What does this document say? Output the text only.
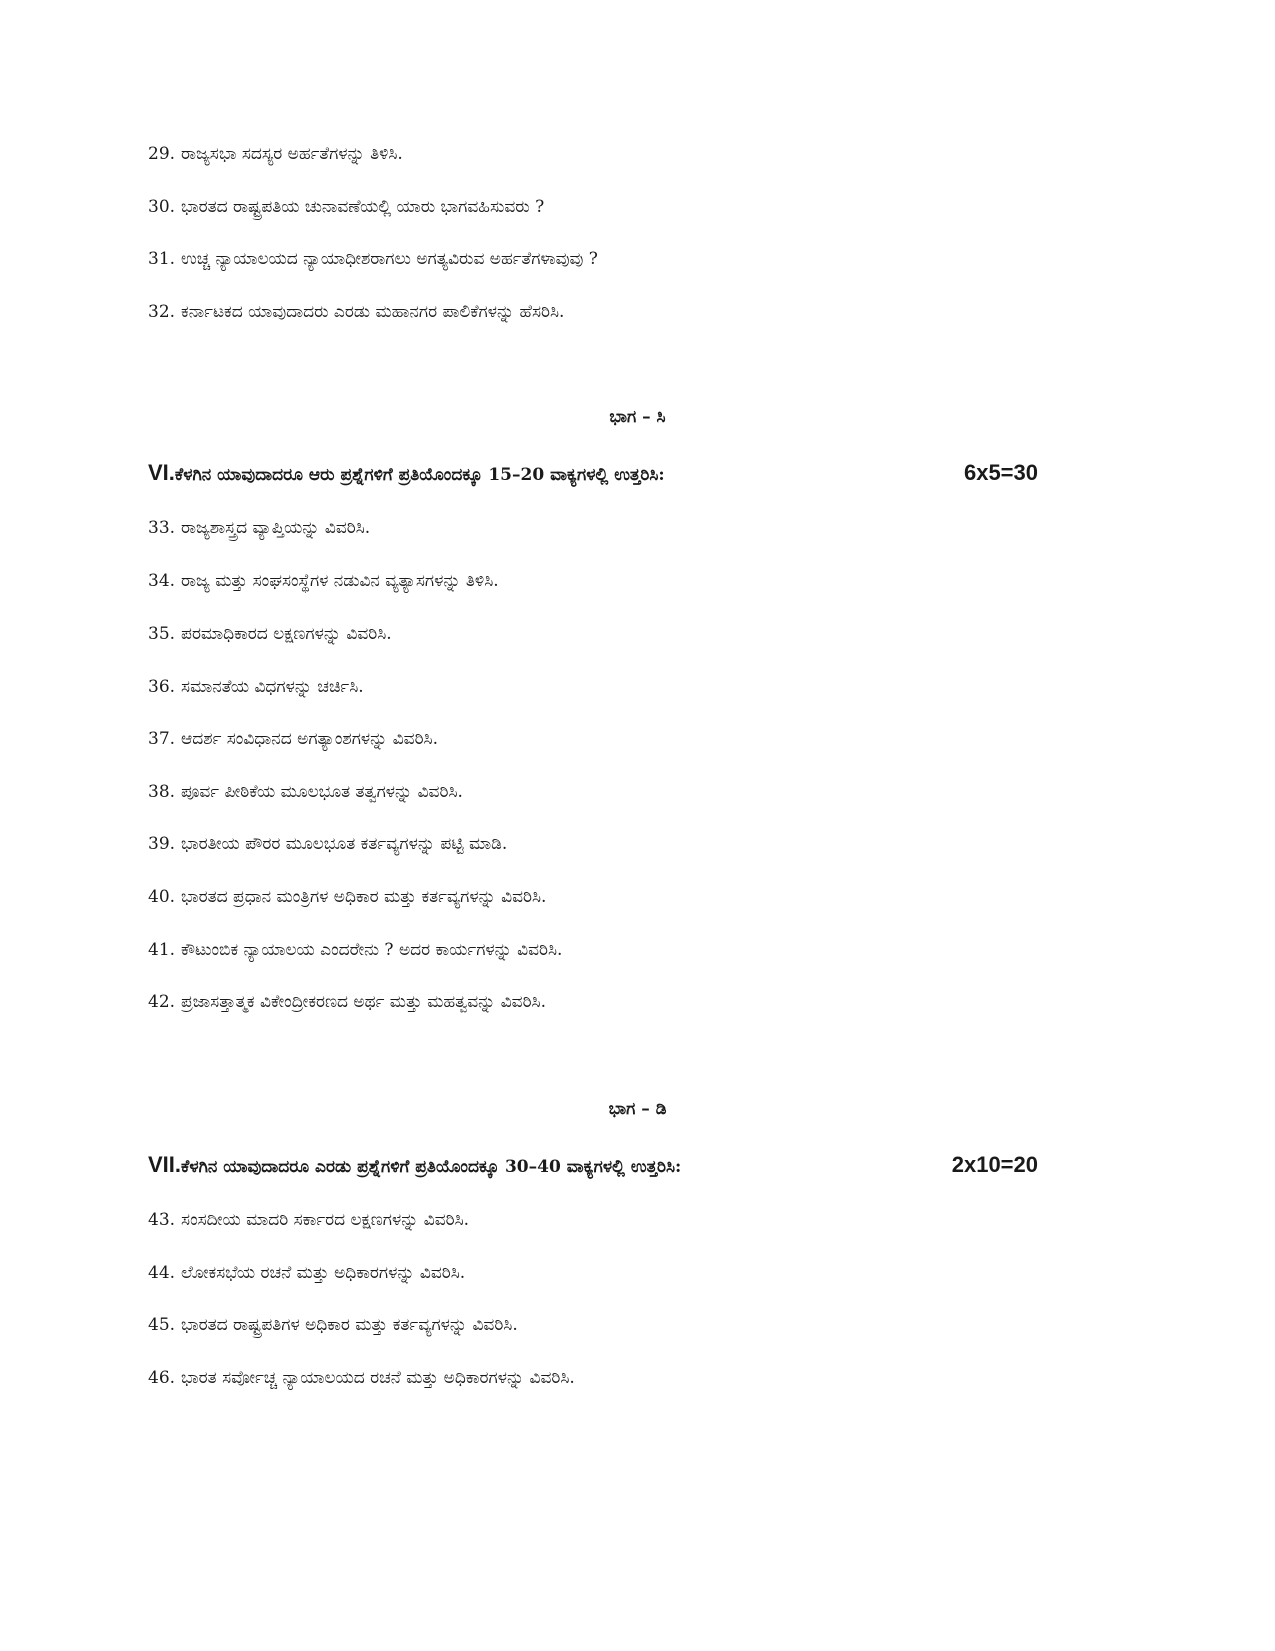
29. ರಾಜ್ಯಸಭಾ ಸದಸ್ಯರ ಅರ್ಹತೆಗಳನ್ನು ತಿಳಿಸಿ.
30. ಭಾರತದ ರಾಷ್ಟ್ರಪತಿಯ ಚುನಾವಣೆಯಲ್ಲಿ ಯಾರು ಭಾಗವಹಿಸುವರು ?
31. ಉಚ್ಚ ನ್ಯಾಯಾಲಯದ ನ್ಯಾಯಾಧೀಶರಾಗಲು ಅಗತ್ಯವಿರುವ ಅರ್ಹತೆಗಳಾವುವು ?
32. ಕರ್ನಾಟಕದ ಯಾವುದಾದರು ಎರಡು ಮಹಾನಗರ ಪಾಲಿಕೆಗಳನ್ನು ಹೆಸರಿಸಿ.
ಭಾಗ – ಸಿ
VI.ಕೆಳಗಿನ ಯಾವುದಾದರೂ ಆರು ಪ್ರಶ್ನೆಗಳಿಗೆ ಪ್ರತಿಯೊಂದಕ್ಕೂ 15–20 ವಾಕ್ಯಗಳಲ್ಲಿ ಉತ್ತರಿಸಿ:	6x5=30
33. ರಾಜ್ಯಶಾಸ್ತ್ರದ ವ್ಯಾಪ್ತಿಯನ್ನು ವಿವರಿಸಿ.
34. ರಾಜ್ಯ ಮತ್ತು ಸಂಘಸಂಸ್ಥೆಗಳ ನಡುವಿನ ವ್ಯತ್ಯಾಸಗಳನ್ನು ತಿಳಿಸಿ.
35. ಪರಮಾಧಿಕಾರದ ಲಕ್ಷಣಗಳನ್ನು ವಿವರಿಸಿ.
36. ಸಮಾನತೆಯ ವಿಧಗಳನ್ನು ಚರ್ಚಿಸಿ.
37. ಆದರ್ಶ ಸಂವಿಧಾನದ ಅಗತ್ಯಾಂಶಗಳನ್ನು ವಿವರಿಸಿ.
38. ಪೂರ್ವ ಪೀಠಿಕೆಯ ಮೂಲಭೂತ ತತ್ವಗಳನ್ನು ವಿವರಿಸಿ.
39. ಭಾರತೀಯ ಪೌರರ ಮೂಲಭೂತ ಕರ್ತವ್ಯಗಳನ್ನು ಪಟ್ಟಿ ಮಾಡಿ.
40. ಭಾರತದ ಪ್ರಧಾನ ಮಂತ್ರಿಗಳ ಅಧಿಕಾರ ಮತ್ತು ಕರ್ತವ್ಯಗಳನ್ನು ವಿವರಿಸಿ.
41. ಕೌಟುಂಬಿಕ ನ್ಯಾಯಾಲಯ ಎಂದರೇನು ? ಅದರ ಕಾರ್ಯಗಳನ್ನು ವಿವರಿಸಿ.
42. ಪ್ರಜಾಸತ್ತಾತ್ಮಕ ವಿಕೇಂದ್ರೀಕರಣದ ಅರ್ಥ ಮತ್ತು ಮಹತ್ವವನ್ನು ವಿವರಿಸಿ.
ಭಾಗ – ಡಿ
VII.ಕೆಳಗಿನ ಯಾವುದಾದರೂ ಎರಡು ಪ್ರಶ್ನೆಗಳಿಗೆ ಪ್ರತಿಯೊಂದಕ್ಕೂ 30–40 ವಾಕ್ಯಗಳಲ್ಲಿ ಉತ್ತರಿಸಿ:	2x10=20
43. ಸಂಸದೀಯ ಮಾದರಿ ಸರ್ಕಾರದ ಲಕ್ಷಣಗಳನ್ನು ವಿವರಿಸಿ.
44. ಲೋಕಸಭೆಯ ರಚನೆ ಮತ್ತು ಅಧಿಕಾರಗಳನ್ನು ವಿವರಿಸಿ.
45. ಭಾರತದ ರಾಷ್ಟ್ರಪತಿಗಳ ಅಧಿಕಾರ ಮತ್ತು ಕರ್ತವ್ಯಗಳನ್ನು ವಿವರಿಸಿ.
46. ಭಾರತ ಸರ್ವೋಚ್ಚ ನ್ಯಾಯಾಲಯದ ರಚನೆ ಮತ್ತು ಅಧಿಕಾರಗಳನ್ನು ವಿವರಿಸಿ.
